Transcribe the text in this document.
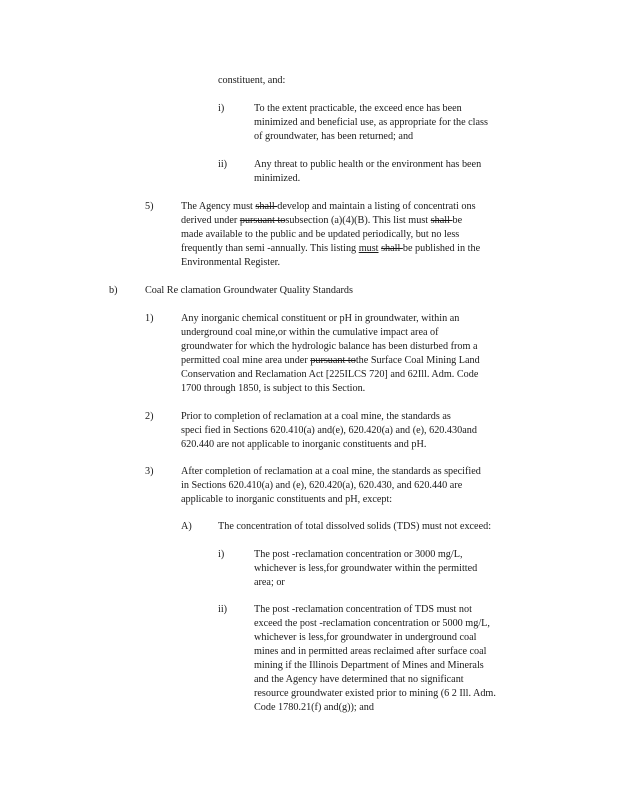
constituent, and:
i)	To the extent practicable, the exceed ence has been
minimized and beneficial use, as appropriate for the class
of groundwater, has been returned; and
ii)	Any threat to public health or the environment has been
minimized.
5)	The Agency must shall develop and maintain a listing of concentrati ons
derived under pursuant tosubsection (a)(4)(B). This list must shall be
made available to the public and be updated periodically, but no less
frequently than semi -annually. This listing must shall be published in the
Environmental Register.
b)	Coal Re clamation Groundwater Quality Standards
1)	Any inorganic chemical constituent or pH in groundwater, within an
underground coal mine,or within the cumulative impact area of
groundwater for which the hydrologic balance has been disturbed from a
permitted coal mine area under pursuant tothe Surface Coal Mining Land
Conservation and Reclamation Act [225ILCS 720] and 62Ill. Adm. Code
1700 through 1850, is subject to this Section.
2)	Prior to completion of reclamation at a coal mine, the standards as
speci fied in Sections 620.410(a) and(e), 620.420(a) and (e), 620.430and
620.440 are not applicable to inorganic constituents and pH.
3)	After completion of reclamation at a coal mine, the standards as specified
in Sections 620.410(a) and (e), 620.420(a), 620.430, and 620.440 are
applicable to inorganic constituents and pH, except:
A)	The concentration of total dissolved solids (TDS) must not exceed:
i)	The post -reclamation concentration or 3000 mg/L,
whichever is less,for groundwater within the permitted
area; or
ii)	The post -reclamation concentration of TDS must not
exceed the post -reclamation concentration or 5000 mg/L,
whichever is less,for groundwater in underground coal
mines and in permitted areas reclaimed after surface coal
mining if the Illinois Department of Mines and Minerals
and the Agency have determined that no significant
resource groundwater existed prior to mining (6 2 Ill. Adm.
Code 1780.21(f) and(g)); and
